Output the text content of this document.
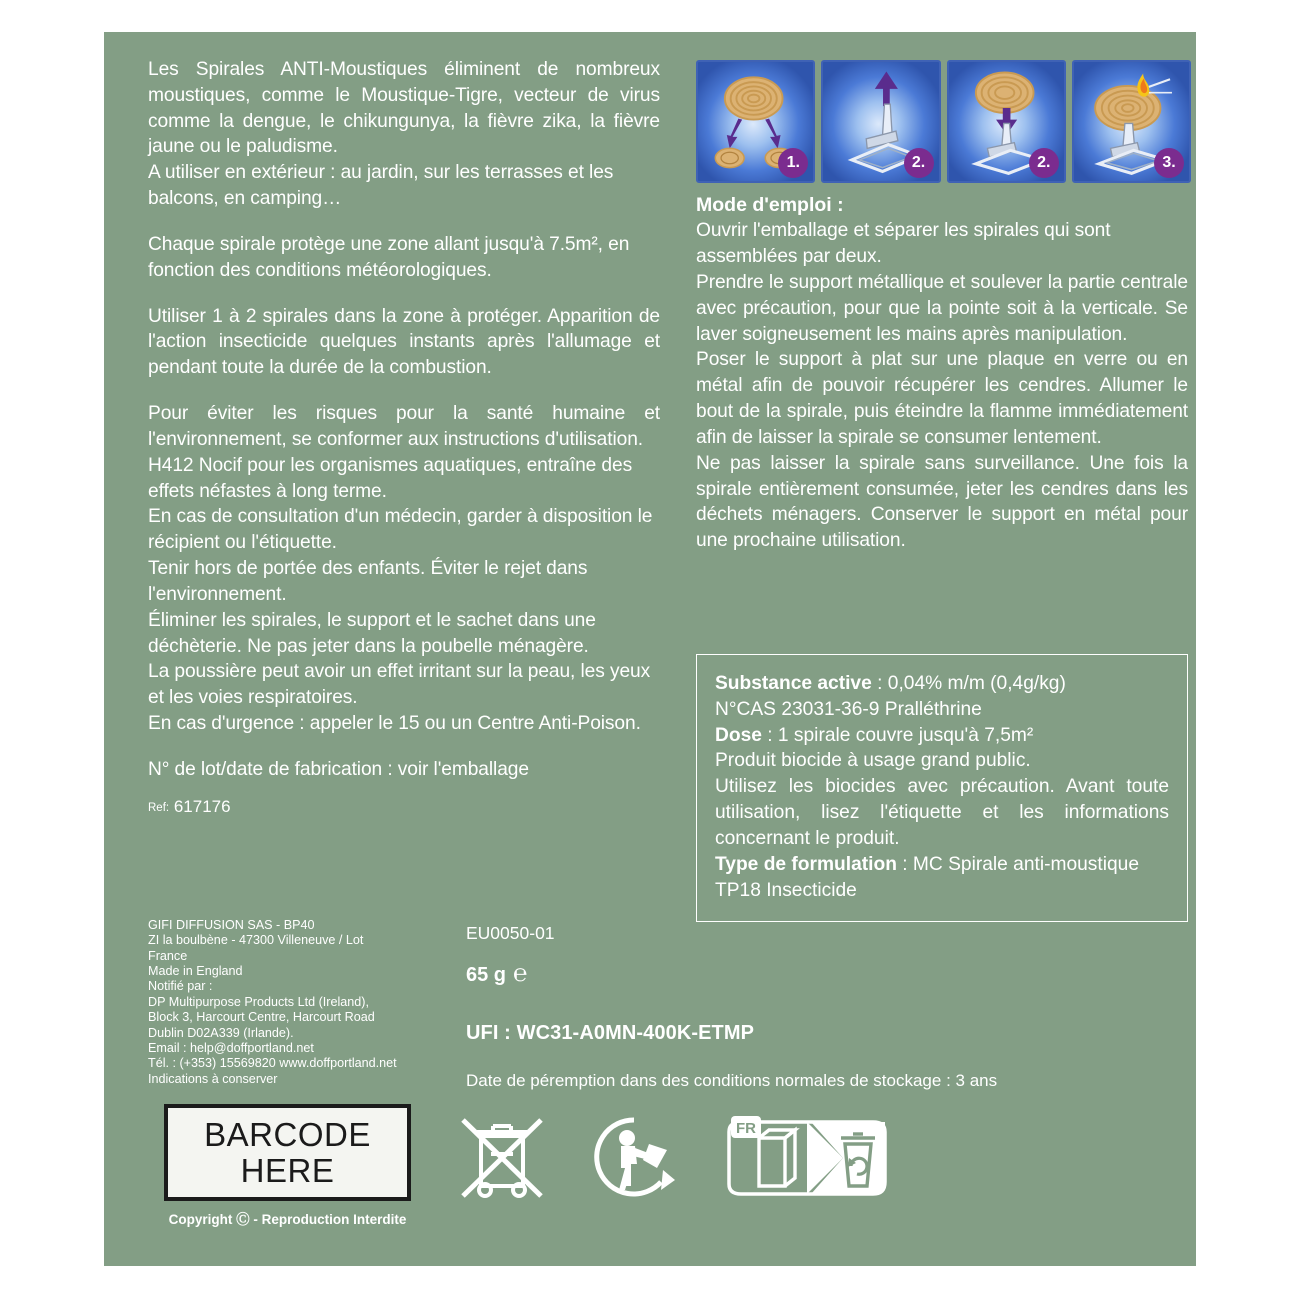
Les Spirales ANTI-Moustiques éliminent de nombreux moustiques, comme le Moustique-Tigre, vecteur de virus comme la dengue, le chikungunya, la fièvre zika, la fièvre jaune ou le paludisme.

A utiliser en extérieur : au jardin, sur les terrasses et les balcons, en camping…

Chaque spirale protège une zone allant jusqu'à 7.5m², en fonction des conditions météorologiques.

Utiliser 1 à 2 spirales dans la zone à protéger. Apparition de l'action insecticide quelques instants après l'allumage et pendant toute la durée de la combustion.

Pour éviter les risques pour la santé humaine et l'environnement, se conformer aux instructions d'utilisation.

H412 Nocif pour les organismes aquatiques, entraîne des effets néfastes à long terme.

En cas de consultation d'un médecin, garder à disposition le récipient ou l'étiquette.

Tenir hors de portée des enfants. Éviter le rejet dans l'environnement.

Éliminer les spirales, le support et le sachet dans une déchèterie. Ne pas jeter dans la poubelle ménagère.

La poussière peut avoir un effet irritant sur la peau, les yeux et les voies respiratoires.

En cas d'urgence : appeler le 15 ou un Centre Anti-Poison.

N° de lot/date de fabrication : voir l'emballage

Ref: 617176
GIFI DIFFUSION SAS - BP40
ZI la boulbène - 47300 Villeneuve / Lot
France
Made in England
Notifié par :
DP Multipurpose Products Ltd (Ireland),
Block 3, Harcourt Centre, Harcourt Road
Dublin D02A339 (Irlande).
Email : help@doffportland.net
Tél. : (+353) 15569820 www.doffportland.net
Indications à conserver
1.	2.	2.	3.

Mode d'emploi :

Ouvrir l'emballage et séparer les spirales qui sont assemblées par deux.

Prendre le support métallique et soulever la partie centrale avec précaution, pour que la pointe soit à la verticale. Se laver soigneusement les mains après manipulation.

Poser le support à plat sur une plaque en verre ou en métal afin de pouvoir récupérer les cendres. Allumer le bout de la spirale, puis éteindre la flamme immédiatement afin de laisser la spirale se consumer lentement.

Ne pas laisser la spirale sans surveillance. Une fois la spirale entièrement consumée, jeter les cendres dans les déchets ménagers. Conserver le support en métal pour une prochaine utilisation.

Substance active : 0,04% m/m (0,4g/kg)

N°CAS 23031-36-9 Pralléthrine

Dose : 1 spirale couvre jusqu'à 7,5m²

Produit biocide à usage grand public.

Utilisez les biocides avec précaution. Avant toute utilisation, lisez l'étiquette et les informations concernant le produit.

Type de formulation : MC Spirale anti-moustique

TP18 Insecticide

EU0050-01
65 g ℮
UFI : WC31-A0MN-400K-ETMP
Date de péremption dans des conditions normales de stockage : 3 ans
BARCODE
HERE
Copyright Ⓒ - Reproduction Interdite
FR
